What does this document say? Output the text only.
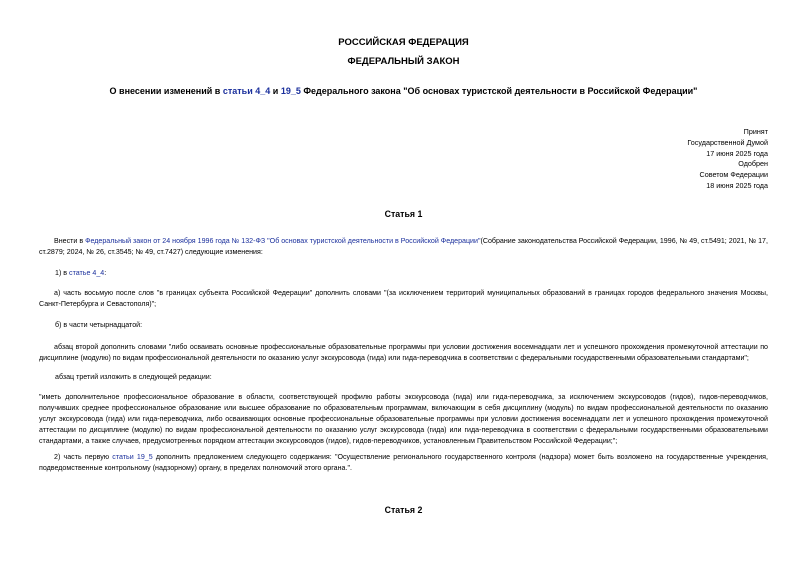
РОССИЙСКАЯ ФЕДЕРАЦИЯ
ФЕДЕРАЛЬНЫЙ ЗАКОН
О внесении изменений в статьи 4_4 и 19_5 Федерального закона "Об основах туристской деятельности в Российской Федерации"
Принят
Государственной Думой
17 июня 2025 года
Одобрен
Советом Федерации
18 июня 2025 года
Статья 1
Внести в Федеральный закон от 24 ноября 1996 года № 132-ФЗ "Об основах туристской деятельности в Российской Федерации"(Собрание законодательства Российской Федерации, 1996, № 49, ст.5491; 2021, № 17, ст.2879; 2024, № 26, ст.3545; № 49, ст.7427) следующие изменения:
1) в статье 4_4:
а) часть восьмую после слов "в границах субъекта Российской Федерации" дополнить словами "(за исключением территорий муниципальных образований в границах городов федерального значения Москвы, Санкт-Петербурга и Севастополя)";
б) в части четырнадцатой:
абзац второй дополнить словами "либо осваивать основные профессиональные образовательные программы при условии достижения восемнадцати лет и успешного прохождения промежуточной аттестации по дисциплине (модулю) по видам профессиональной деятельности по оказанию услуг экскурсовода (гида) или гида-переводчика в соответствии с федеральными государственными образовательными стандартами";
абзац третий изложить в следующей редакции:
"иметь дополнительное профессиональное образование в области, соответствующей профилю работы экскурсовода (гида) или гида-переводчика, за исключением экскурсоводов (гидов), гидов-переводчиков, получивших среднее профессиональное образование или высшее образование по образовательным программам, включающим в себя дисциплину (модуль) по видам профессиональной деятельности по оказанию услуг экскурсовода (гида) или гида-переводчика, либо осваивающих основные профессиональные образовательные программы при условии достижения восемнадцати лет и успешного прохождения промежуточной аттестации по дисциплине (модулю) по видам профессиональной деятельности по оказанию услуг экскурсовода (гида) или гида-переводчика в соответствии с федеральными государственными образовательными стандартами, а также случаев, предусмотренных порядком аттестации экскурсоводов (гидов), гидов-переводчиков, установленным Правительством Российской Федерации;";
2) часть первую статьи 19_5 дополнить предложением следующего содержания: "Осуществление регионального государственного контроля (надзора) может быть возложено на государственные учреждения, подведомственные контрольному (надзорному) органу, в пределах полномочий этого органа.".
Статья 2
